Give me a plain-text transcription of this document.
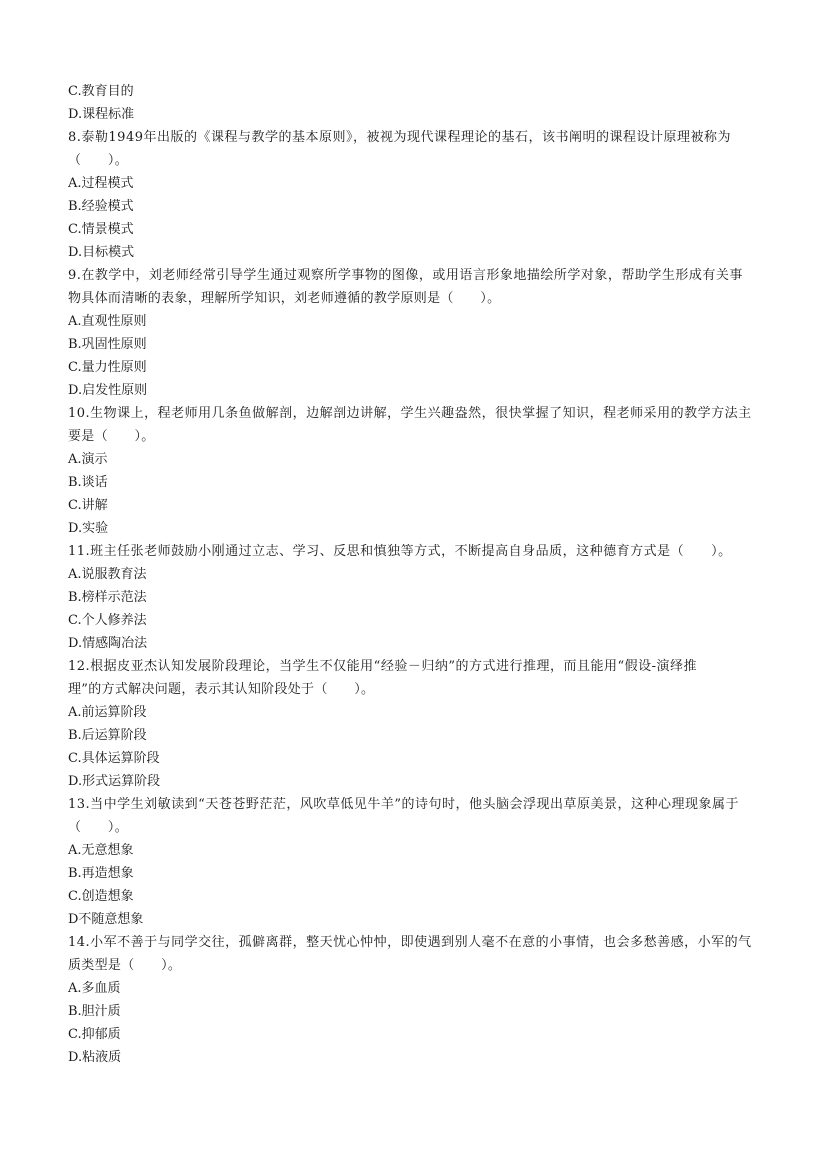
C.教育目的
D.课程标准
8.泰勒1949年出版的《课程与教学的基本原则》，被视为现代课程理论的基石，该书阐明的课程设计原理被称为
（　　）。
A.过程模式
B.经验模式
C.情景模式
D.目标模式
9.在教学中，刘老师经常引导学生通过观察所学事物的图像，或用语言形象地描绘所学对象，帮助学生形成有关事
物具体而清晰的表象，理解所学知识，刘老师遵循的教学原则是（　　）。
A.直观性原则
B.巩固性原则
C.量力性原则
D.启发性原则
10.生物课上，程老师用几条鱼做解剖，边解剖边讲解，学生兴趣盎然，很快掌握了知识，程老师采用的教学方法主
要是（　　）。
A.演示
B.谈话
C.讲解
D.实验
11.班主任张老师鼓励小刚通过立志、学习、反思和慎独等方式，不断提高自身品质，这种德育方式是（　　）。
A.说服教育法
B.榜样示范法
C.个人修养法
D.情感陶冶法
12.根据皮亚杰认知发展阶段理论，当学生不仅能用“经验－归纳”的方式进行推理，而且能用“假设-演绎推
理”的方式解决问题，表示其认知阶段处于（　　）。
A.前运算阶段
B.后运算阶段
C.具体运算阶段
D.形式运算阶段
13.当中学生刘敏读到“天苍苍野茫茫，风吹草低见牛羊”的诗句时，他头脑会浮现出草原美景，这种心理现象属于
（　　）。
A.无意想象
B.再造想象
C.创造想象
D不随意想象
14.小军不善于与同学交往，孤僻离群，整天忧心忡忡，即使遇到别人毫不在意的小事情，也会多愁善感，小军的气
质类型是（　　）。
A.多血质
B.胆汁质
C.抑郁质
D.粘液质
